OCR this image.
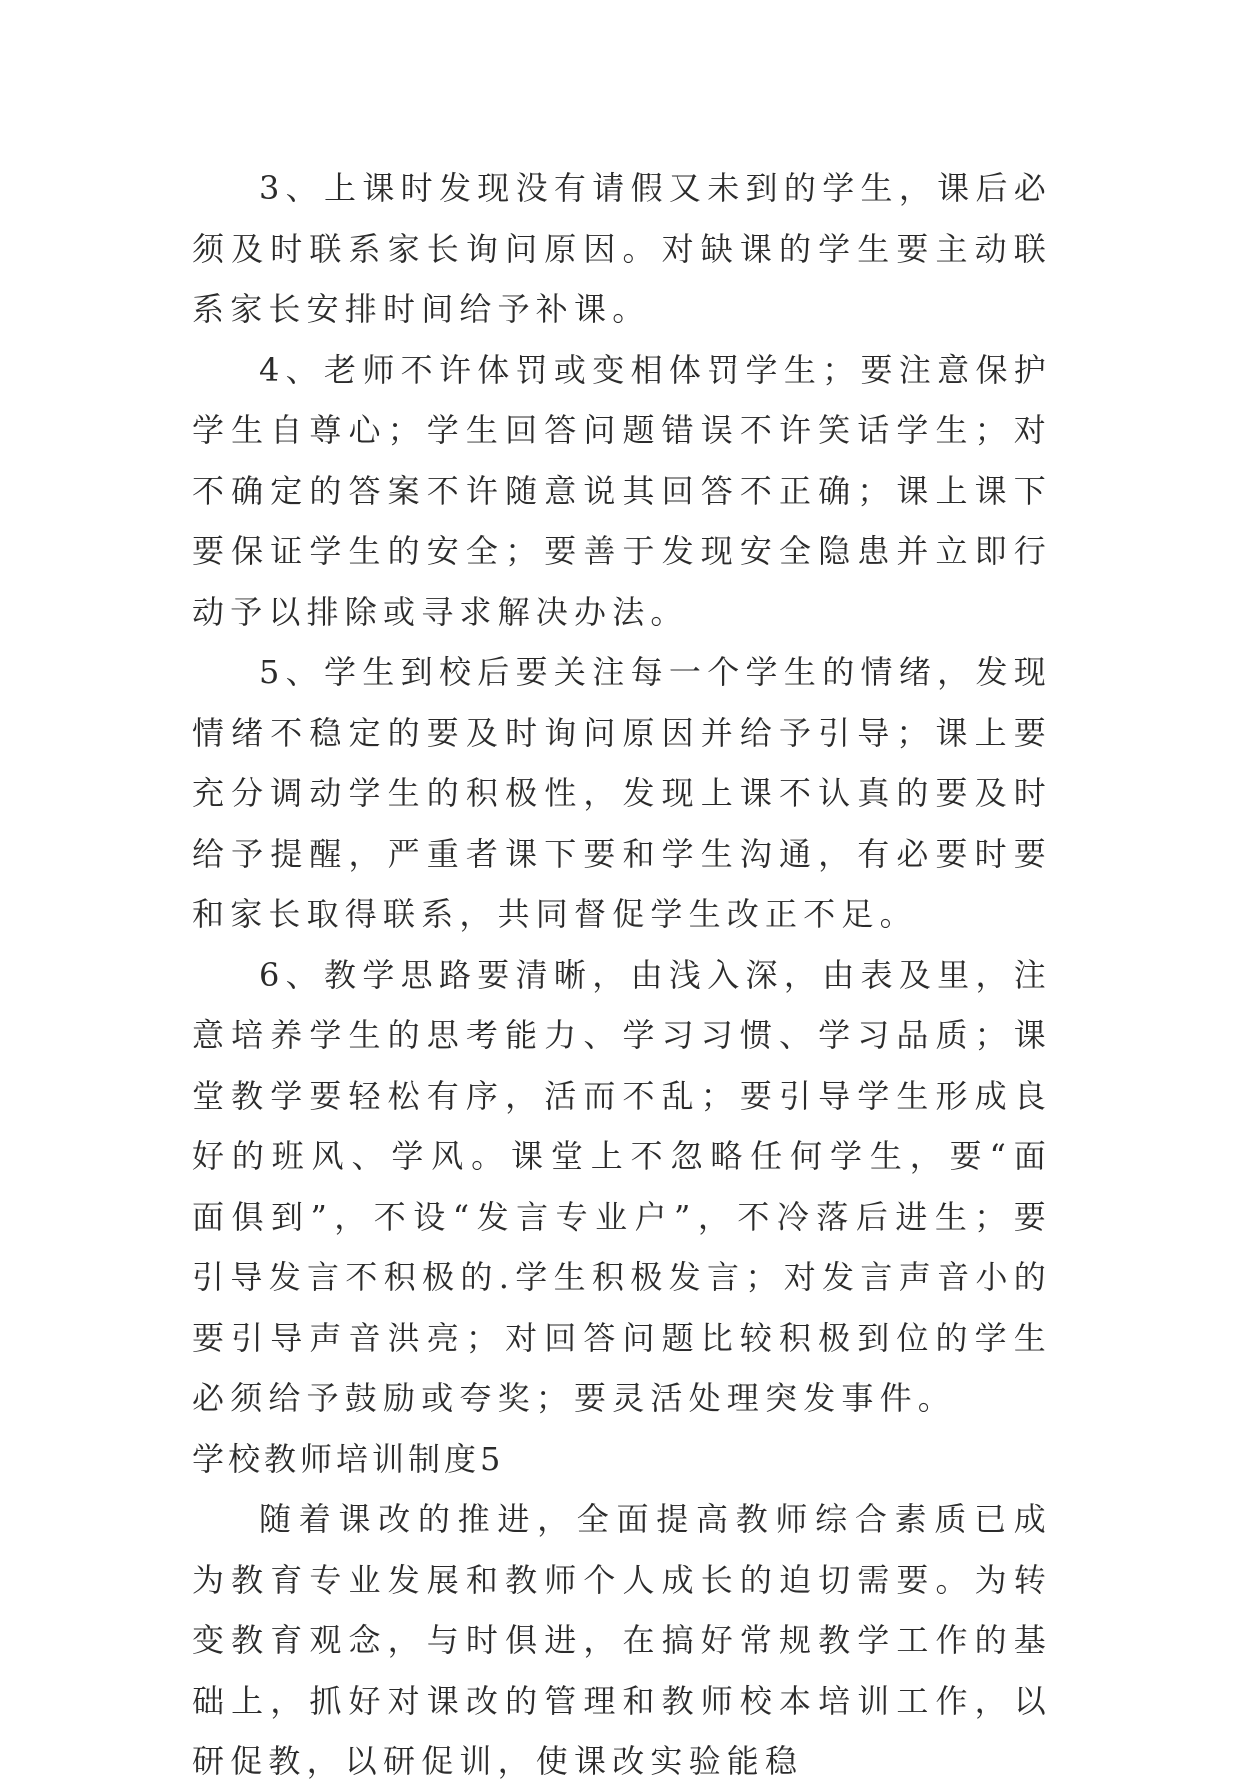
3、上课时发现没有请假又未到的学生，课后必须及时联系家长询问原因。对缺课的学生要主动联系家长安排时间给予补课。

4、老师不许体罚或变相体罚学生；要注意保护学生自尊心；学生回答问题错误不许笑话学生；对不确定的答案不许随意说其回答不正确；课上课下要保证学生的安全；要善于发现安全隐患并立即行动予以排除或寻求解决办法。

5、学生到校后要关注每一个学生的情绪，发现情绪不稳定的要及时询问原因并给予引导；课上要充分调动学生的积极性，发现上课不认真的要及时给予提醒，严重者课下要和学生沟通，有必要时要和家长取得联系，共同督促学生改正不足。

6、教学思路要清晰，由浅入深，由表及里，注意培养学生的思考能力、学习习惯、学习品质；课堂教学要轻松有序，活而不乱；要引导学生形成良好的班风、学风。课堂上不忽略任何学生，要“面面俱到”，不设“发言专业户”，不冷落后进生；要引导发言不积极的.学生积极发言；对发言声音小的要引导声音洪亮；对回答问题比较积极到位的学生必须给予鼓励或夸奖；要灵活处理突发事件。

学校教师培训制度5

随着课改的推进，全面提高教师综合素质已成为教育专业发展和教师个人成长的迫切需要。为转变教育观念，与时俱进，在搞好常规教学工作的基础上，抓好对课改的管理和教师校本培训工作，以研促教，以研促训，使课改实验能稳
